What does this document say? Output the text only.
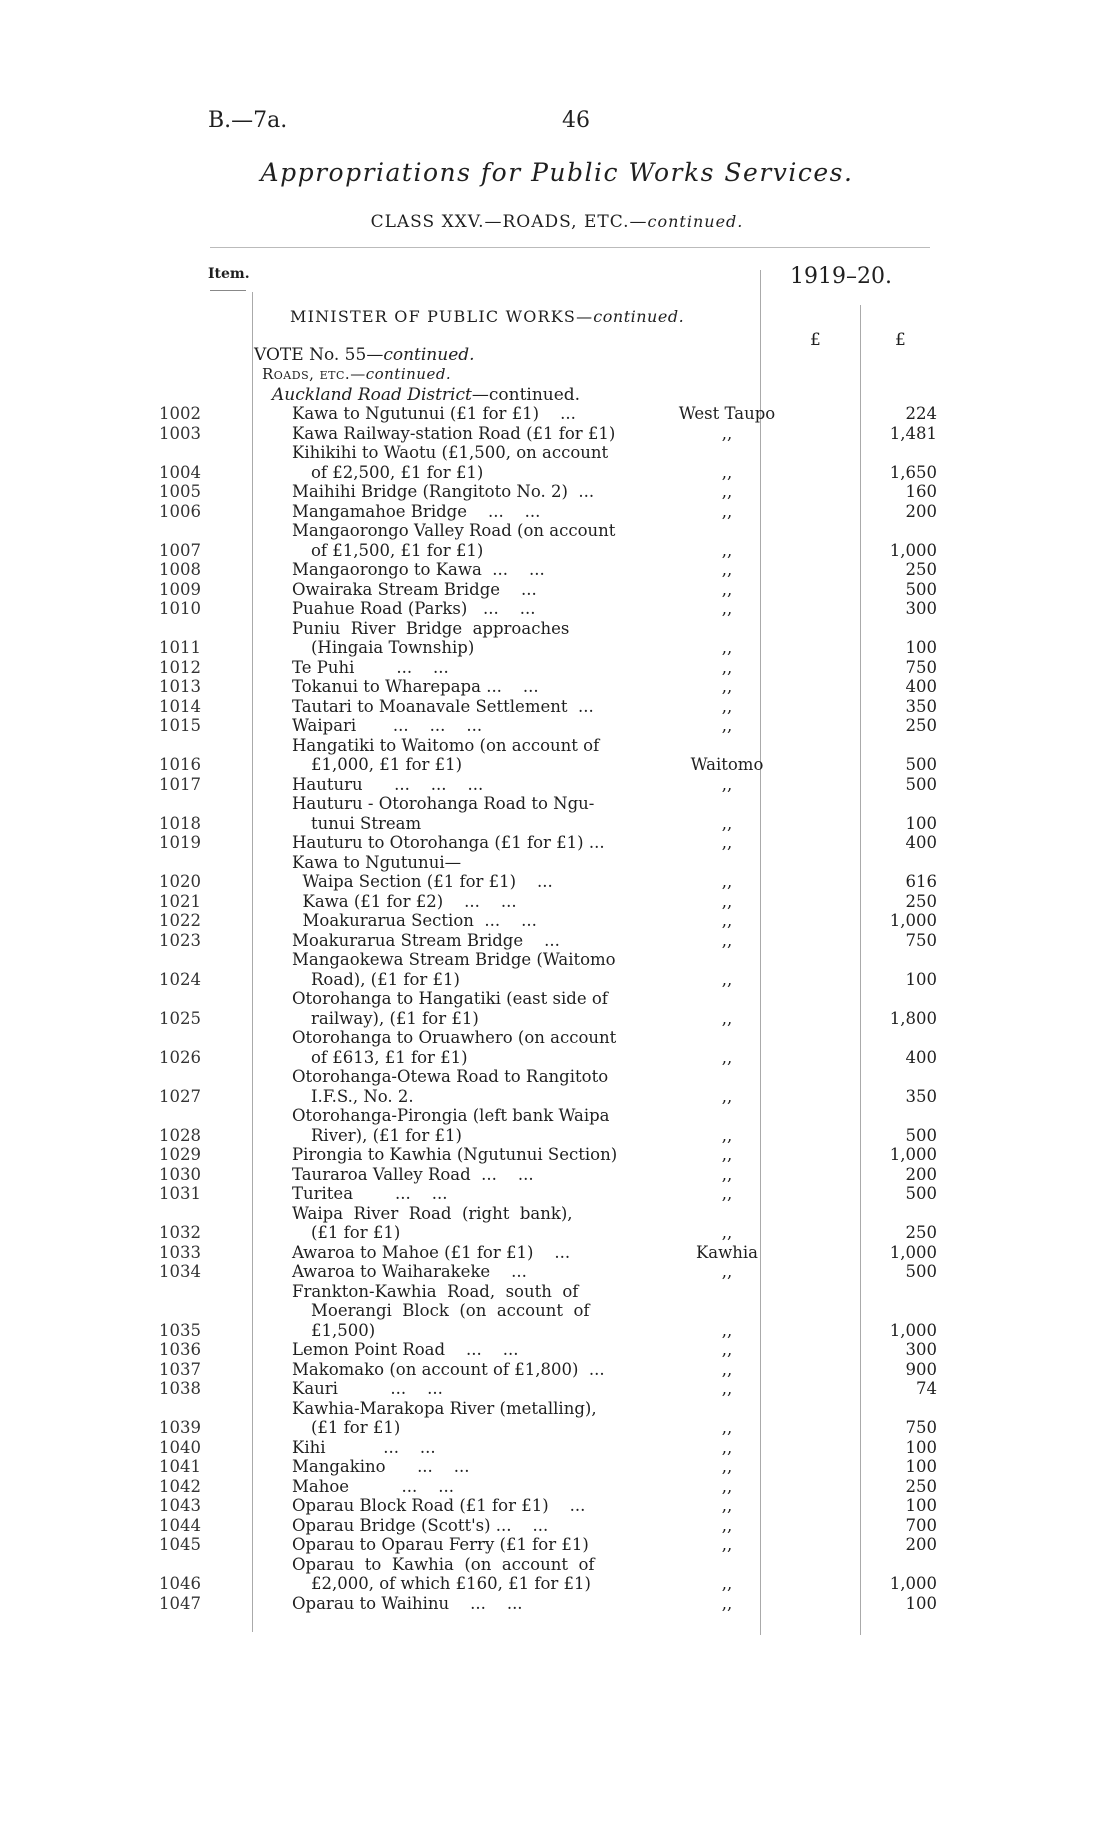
B.—7a.	46
Appropriations for Public Works Services.
CLASS XXV.—ROADS, ETC.—continued.
Item.	1919–20.
MINISTER OF PUBLIC WORKS—continued.
£	£
VOTE No. 55—continued.
Roads, etc.—continued.
Auckland Road District—continued.
1002	Kawa to Ngutunui (£1 for £1)    ...	West Taupo	224
1003	Kawa Railway-station Road (£1 for £1)	,,	1,481
1004
Kihikihi to Waotu (£1,500, on account
of £2,500, £1 for £1)	,,	1,650
1005	Maihihi Bridge (Rangitoto No. 2)  ...	,,	160
1006	Mangamahoe Bridge    ...    ...	,,	200
1007
Mangaorongo Valley Road (on account
of £1,500, £1 for £1)	,,	1,000
1008	Mangaorongo to Kawa  ...    ...	,,	250
1009	Owairaka Stream Bridge    ...	,,	500
1010	Puahue Road (Parks)   ...    ...	,,	300
1011
Puniu  River  Bridge  approaches
(Hingaia Township)	,,	100
1012	Te Puhi        ...    ...	,,	750
1013	Tokanui to Wharepapa ...    ...	,,	400
1014	Tautari to Moanavale Settlement  ...	,,	350
1015	Waipari       ...    ...    ...	,,	250
1016
Hangatiki to Waitomo (on account of
£1,000, £1 for £1)	Waitomo	500
1017	Hauturu      ...    ...    ...	,,	500
1018
Hauturu - Otorohanga Road to Ngu-
tunui Stream	,,	100
1019	Hauturu to Otorohanga (£1 for £1) ...	,,	400
Kawa to Ngutunui—
1020	Waipa Section (£1 for £1)    ...	,,	616
1021	Kawa (£1 for £2)    ...    ...	,,	250
1022	Moakurarua Section  ...    ...	,,	1,000
1023	Moakurarua Stream Bridge    ...	,,	750
1024
Mangaokewa Stream Bridge (Waitomo
Road), (£1 for £1)	,,	100
1025
Otorohanga to Hangatiki (east side of
railway), (£1 for £1)	,,	1,800
1026
Otorohanga to Oruawhero (on account
of £613, £1 for £1)	,,	400
1027
Otorohanga-Otewa Road to Rangitoto
I.F.S., No. 2.	,,	350
1028
Otorohanga-Pirongia (left bank Waipa
River), (£1 for £1)	,,	500
1029	Pirongia to Kawhia (Ngutunui Section)	,,	1,000
1030	Tauraroa Valley Road  ...    ...	,,	200
1031	Turitea        ...    ...	,,	500
1032
Waipa  River  Road  (right  bank),
(£1 for £1)	,,	250
1033	Awaroa to Mahoe (£1 for £1)    ...	Kawhia	1,000
1034	Awaroa to Waiharakeke    ...	,,	500
1035
Frankton-Kawhia  Road,  south  of
Moerangi  Block  (on  account  of
£1,500)	,,	1,000
1036	Lemon Point Road    ...    ...	,,	300
1037	Makomako (on account of £1,800)  ...	,,	900
1038	Kauri          ...    ...	,,	74
1039
Kawhia-Marakopa River (metalling),
(£1 for £1)	,,	750
1040	Kihi           ...    ...	,,	100
1041	Mangakino      ...    ...	,,	100
1042	Mahoe          ...    ...	,,	250
1043	Oparau Block Road (£1 for £1)    ...	,,	100
1044	Oparau Bridge (Scott's) ...    ...	,,	700
1045	Oparau to Oparau Ferry (£1 for £1)	,,	200
1046
Oparau  to  Kawhia  (on  account  of
£2,000, of which £160, £1 for £1)	,,	1,000
1047	Oparau to Waihinu    ...    ...	,,	100
